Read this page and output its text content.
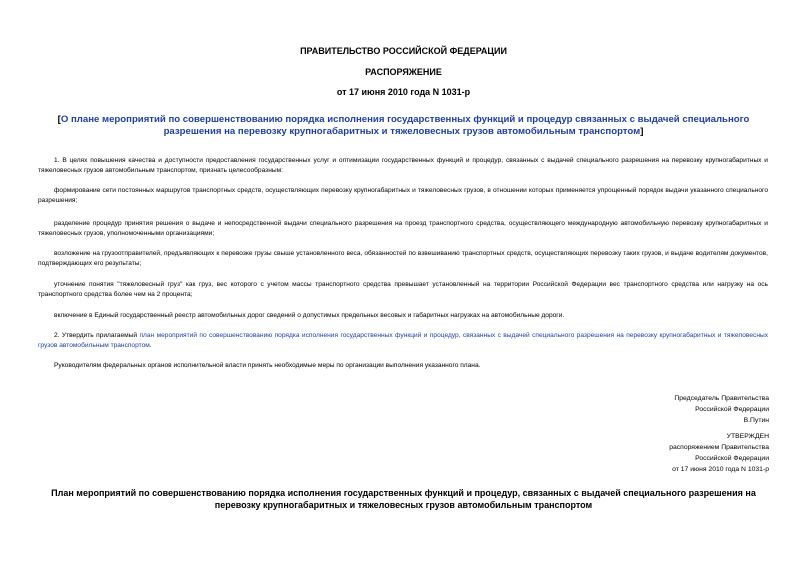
ПРАВИТЕЛЬСТВО РОССИЙСКОЙ ФЕДЕРАЦИИ
РАСПОРЯЖЕНИЕ
от 17 июня 2010 года N 1031-р
[О плане мероприятий по совершенствованию порядка исполнения государственных функций и процедур связанных с выдачей специального разрешения на перевозку крупногабаритных и тяжеловесных грузов автомобильным транспортом]
1. В целях повышения качества и доступности предоставления государственных услуг и оптимизации государственных функций и процедур, связанных с выдачей специального разрешения на перевозку крупногабаритных и тяжеловесных грузов автомобильным транспортом, признать целесообразным:
формирование сети постоянных маршрутов транспортных средств, осуществляющих перевозку крупногабаритных и тяжеловесных грузов, в отношении которых применяется упрощенный порядок выдачи указанного специального разрешения;
разделение процедур принятия решения о выдаче и непосредственной выдачи специального разрешения на проезд транспортного средства, осуществляющего международную автомобильную перевозку крупногабаритных и тяжеловесных грузов, уполномоченными организациями;
возложение на грузоотправителей, предъявляющих к перевозке грузы свыше установленного веса, обязанностей по взвешиванию транспортных средств, осуществляющих перевозку таких грузов, и выдаче водителям документов, подтверждающих его результаты;
уточнение понятия "тяжеловесный груз" как груз, вес которого с учетом массы транспортного средства превышает установленный на территории Российской Федерации вес транспортного средства или нагрузку на ось транспортного средства более чем на 2 процента;
включение в Единый государственный реестр автомобильных дорог сведений о допустимых предельных весовых и габаритных нагрузках на автомобильные дороги.
2. Утвердить прилагаемый план мероприятий по совершенствованию порядка исполнения государственных функций и процедур, связанных с выдачей специального разрешения на перевозку крупногабаритных и тяжеловесных грузов автомобильным транспортом.
Руководителям федеральных органов исполнительной власти принять необходимые меры по организации выполнения указанного плана.
Председатель Правительства
Российской Федерации
В.Путин
УТВЕРЖДЕН
распоряжением Правительства
Российской Федерации
от 17 июня 2010 года N 1031-р
План мероприятий по совершенствованию порядка исполнения государственных функций и процедур, связанных с выдачей специального разрешения на перевозку крупногабаритных и тяжеловесных грузов автомобильным транспортом
